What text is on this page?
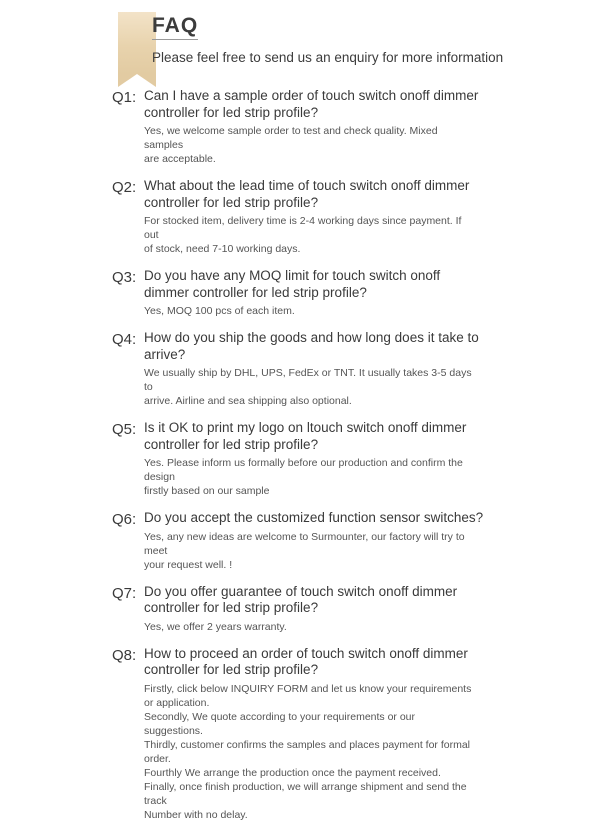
FAQ
Please feel free to send us an enquiry for more information
Q1: Can I have a sample order of touch switch onoff dimmer controller for led strip profile?
Yes, we welcome sample order to test and check quality. Mixed samples
are acceptable.
Q2: What about the lead time of touch switch onoff dimmer controller for led strip profile?
For stocked item, delivery time is 2-4 working days since payment. If out
of stock, need 7-10 working days.
Q3: Do you have any MOQ limit for touch switch onoff dimmer controller for led strip profile?
Yes, MOQ 100 pcs of each item.
Q4: How do you ship the goods and how long does it take to arrive?
We usually ship by DHL, UPS, FedEx or TNT. It usually takes 3-5 days to
arrive. Airline and sea shipping also optional.
Q5: Is it OK to print my logo on ltouch switch onoff dimmer controller for led strip profile?
Yes. Please inform us formally before our production and confirm the design
firstly based on our sample
Q6: Do you accept the customized function sensor switches?
Yes, any new ideas are welcome to Surmounter, our factory will try to meet
your request well. !
Q7: Do you offer guarantee of touch switch onoff dimmer controller for led strip profile?
Yes, we offer 2 years warranty.
Q8: How to proceed an order of touch switch onoff dimmer controller for led strip profile?
Firstly, click below INQUIRY FORM and let us know your requirements or application.
Secondly, We quote according to your requirements or our suggestions.
Thirdly, customer confirms the samples and places payment for formal order.
Fourthly We arrange the production once the payment received.
Finally, once finish production, we will arrange shipment and send the track
Number with no delay.
